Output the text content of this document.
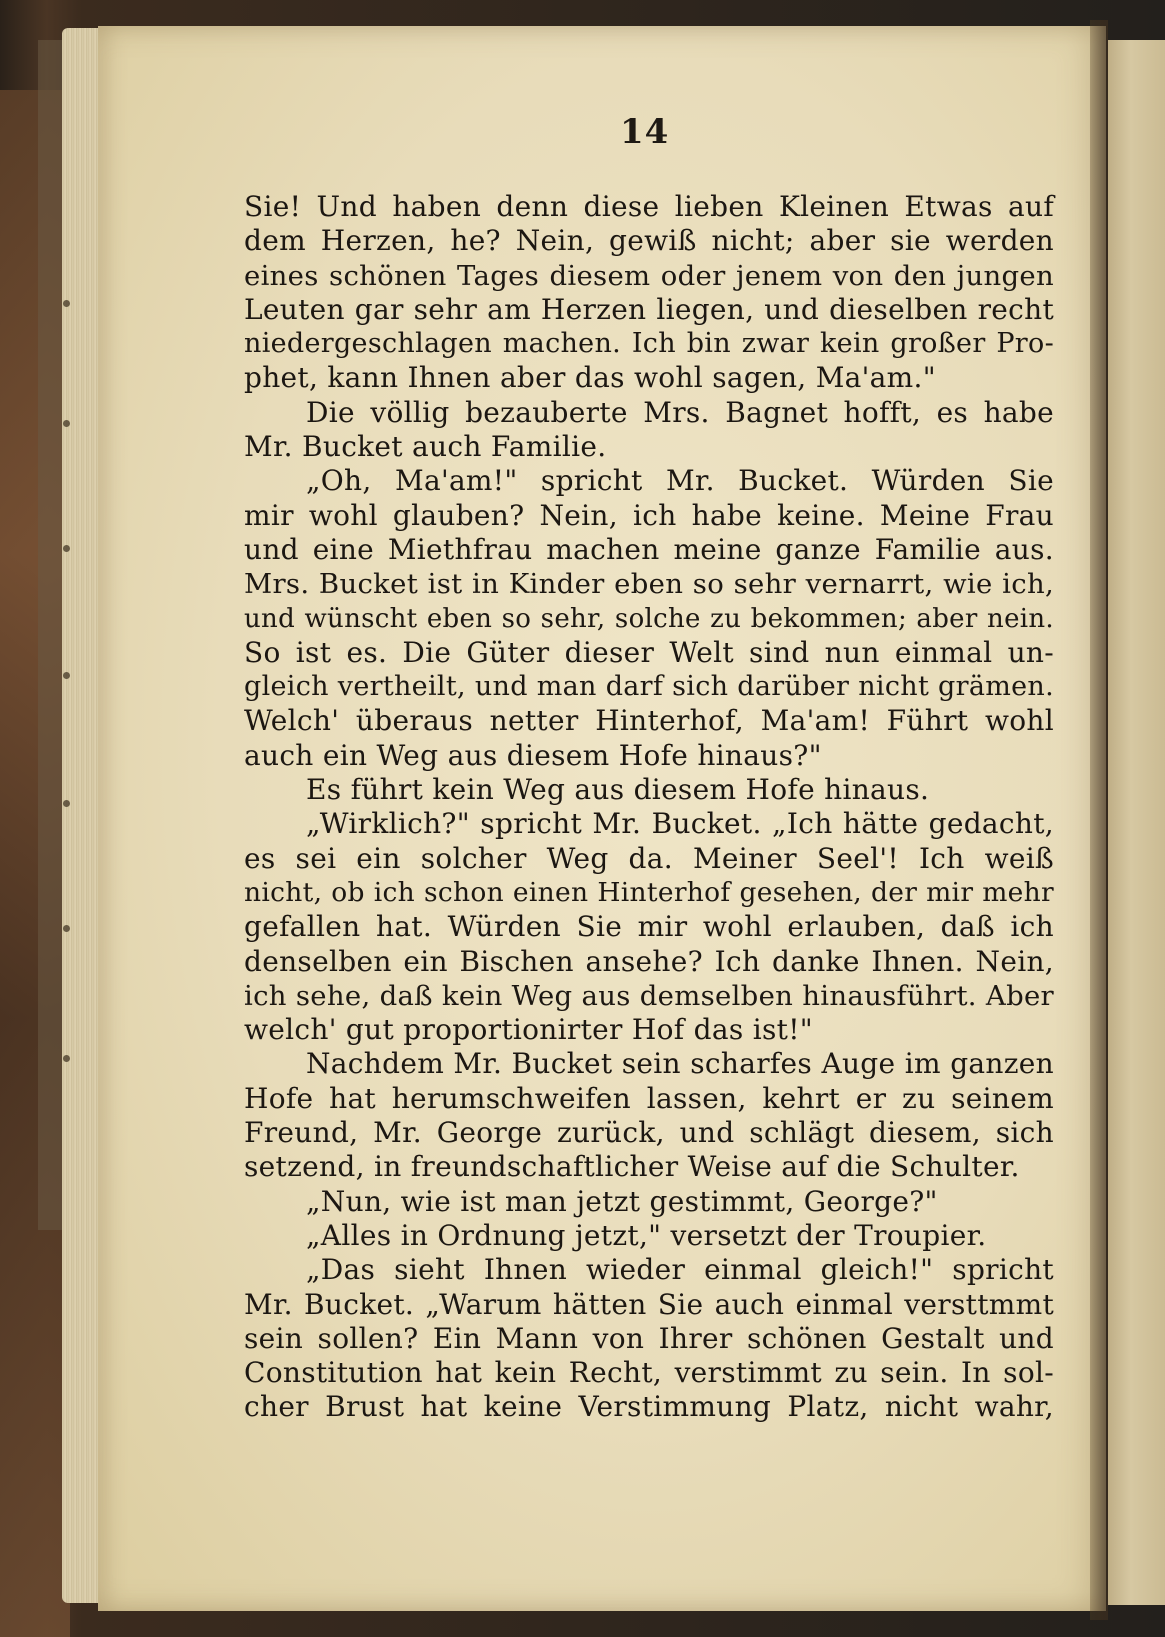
14
Sie! Und haben denn diese lieben Kleinen Etwas auf
dem Herzen, he? Nein, gewiß nicht; aber sie werden
eines schönen Tages diesem oder jenem von den jungen
Leuten gar sehr am Herzen liegen, und dieselben recht
niedergeschlagen machen. Ich bin zwar kein großer Pro-
phet, kann Ihnen aber das wohl sagen, Ma'am."
Die völlig bezauberte Mrs. Bagnet hofft, es habe
Mr. Bucket auch Familie.
„Oh, Ma'am!" spricht Mr. Bucket. Würden Sie
mir wohl glauben? Nein, ich habe keine. Meine Frau
und eine Miethfrau machen meine ganze Familie aus.
Mrs. Bucket ist in Kinder eben so sehr vernarrt, wie ich,
und wünscht eben so sehr, solche zu bekommen; aber nein.
So ist es. Die Güter dieser Welt sind nun einmal un-
gleich vertheilt, und man darf sich darüber nicht grämen.
Welch' überaus netter Hinterhof, Ma'am! Führt wohl
auch ein Weg aus diesem Hofe hinaus?"
Es führt kein Weg aus diesem Hofe hinaus.
„Wirklich?" spricht Mr. Bucket. „Ich hätte gedacht,
es sei ein solcher Weg da. Meiner Seel'! Ich weiß
nicht, ob ich schon einen Hinterhof gesehen, der mir mehr
gefallen hat. Würden Sie mir wohl erlauben, daß ich
denselben ein Bischen ansehe? Ich danke Ihnen. Nein,
ich sehe, daß kein Weg aus demselben hinausführt. Aber
welch' gut proportionirter Hof das ist!"
Nachdem Mr. Bucket sein scharfes Auge im ganzen
Hofe hat herumschweifen lassen, kehrt er zu seinem
Freund, Mr. George zurück, und schlägt diesem, sich
setzend, in freundschaftlicher Weise auf die Schulter.
„Nun, wie ist man jetzt gestimmt, George?"
„Alles in Ordnung jetzt," versetzt der Troupier.
„Das sieht Ihnen wieder einmal gleich!" spricht
Mr. Bucket. „Warum hätten Sie auch einmal versttmmt
sein sollen? Ein Mann von Ihrer schönen Gestalt und
Constitution hat kein Recht, verstimmt zu sein. In sol-
cher Brust hat keine Verstimmung Platz, nicht wahr,
